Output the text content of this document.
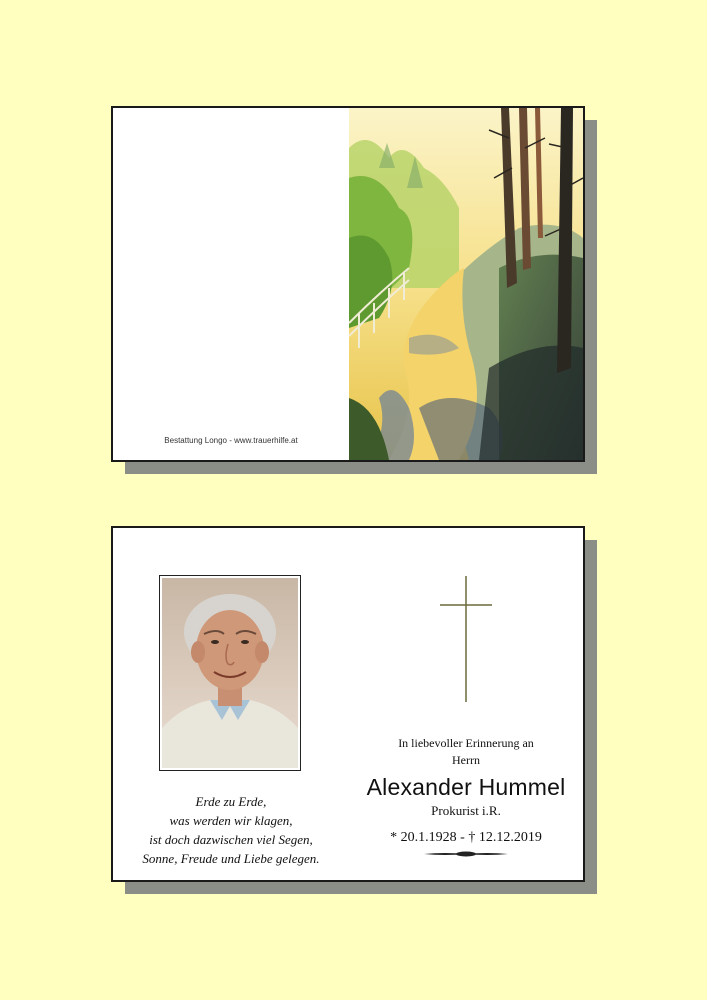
Bestattung Longo - www.trauerhilfe.at
Erde zu Erde,
was werden wir klagen,
ist doch dazwischen viel Segen,
Sonne, Freude und Liebe gelegen.
In liebevoller Erinnerung an
Herrn
Alexander Hummel
Prokurist i.R.
* 20.1.1928 - † 12.12.2019
